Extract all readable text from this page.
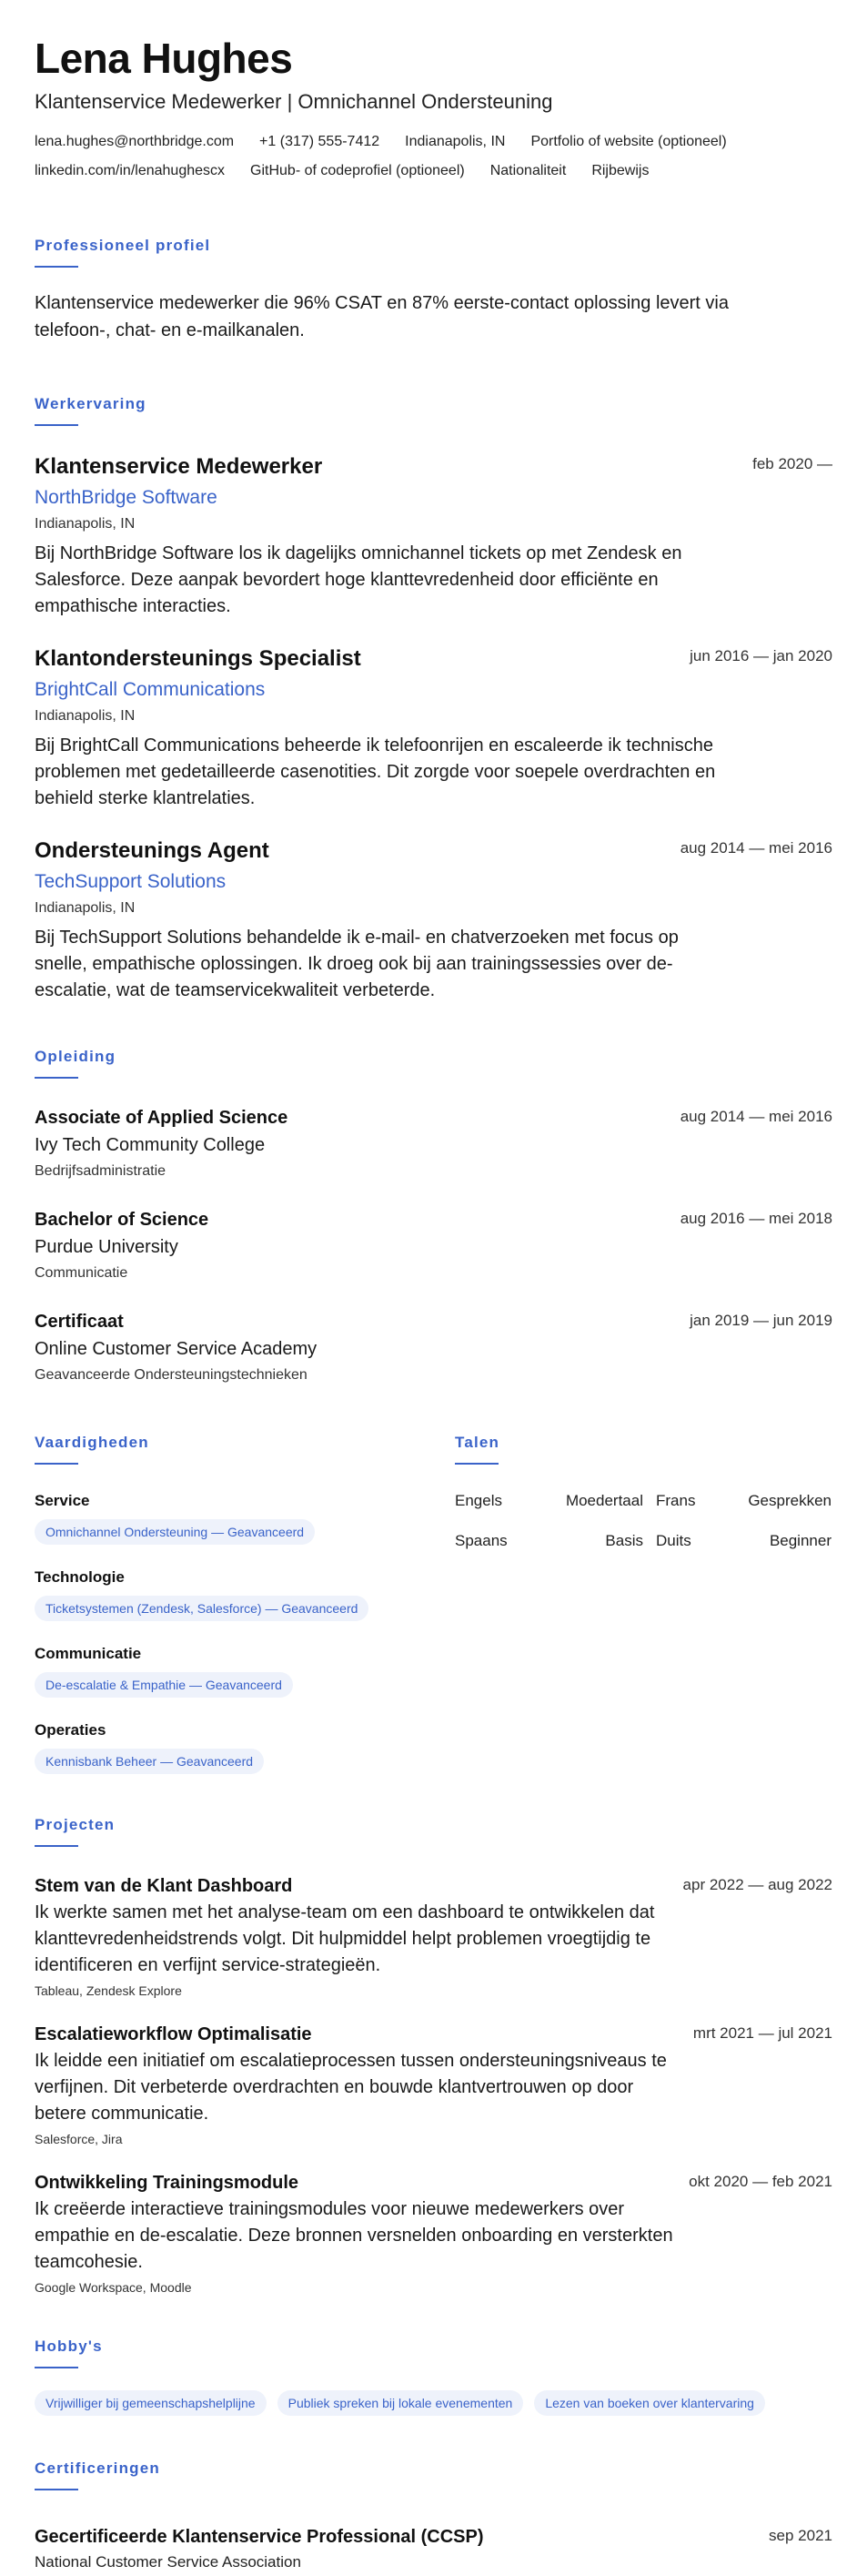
Lena Hughes
Klantenservice Medewerker | Omnichannel Ondersteuning
lena.hughes@northbridge.com +1 (317) 555-7412 Indianapolis, IN Portfolio of website (optioneel)
linkedin.com/in/lenahughescx GitHub- of codeprofiel (optioneel) Nationaliteit Rijbewijs
Professioneel profiel

Klantenservice medewerker die 96% CSAT en 87% eerste-contact oplossing levert via telefoon-, chat- en e-mailkanalen.

Werkervaring
Klantenservice Medewerker	feb 2020 —
NorthBridge Software
Indianapolis, IN

Bij NorthBridge Software los ik dagelijks omnichannel tickets op met Zendesk en Salesforce. Deze aanpak bevordert hoge klanttevredenheid door efficiënte en empathische interacties.

Klantondersteunings Specialist	jun 2016 — jan 2020
BrightCall Communications
Indianapolis, IN

Bij BrightCall Communications beheerde ik telefoonrijen en escaleerde ik technische problemen met gedetailleerde casenotities. Dit zorgde voor soepele overdrachten en behield sterke klantrelaties.

Ondersteunings Agent	aug 2014 — mei 2016
TechSupport Solutions
Indianapolis, IN

Bij TechSupport Solutions behandelde ik e-mail- en chatverzoeken met focus op snelle, empathische oplossingen. Ik droeg ook bij aan trainingssessies over de-escalatie, wat de teamservicekwaliteit verbeterde.

Opleiding
Associate of Applied Science	aug 2014 — mei 2016
Ivy Tech Community College
Bedrijfsadministratie
Bachelor of Science	aug 2016 — mei 2018
Purdue University
Communicatie
Certificaat	jan 2019 — jun 2019
Online Customer Service Academy
Geavanceerde Ondersteuningstechnieken
Vaardigheden
Service
Omnichannel Ondersteuning — Geavanceerd
Technologie
Ticketsystemen (Zendesk, Salesforce) — Geavanceerd
Communicatie
De-escalatie & Empathie — Geavanceerd
Operaties
Kennisbank Beheer — Geavanceerd
Talen
Engels	Moedertaal Frans	Gesprekken
Spaans	Basis Duits	Beginner
Projecten
Stem van de Klant Dashboard	apr 2022 — aug 2022

Ik werkte samen met het analyse-team om een dashboard te ontwikkelen dat klanttevredenheidstrends volgt. Dit hulpmiddel helpt problemen vroegtijdig te identificeren en verfijnt service-strategieën.

Tableau, Zendesk Explore
Escalatieworkflow Optimalisatie	mrt 2021 — jul 2021

Ik leidde een initiatief om escalatieprocessen tussen ondersteuningsniveaus te verfijnen. Dit verbeterde overdrachten en bouwde klantvertrouwen op door betere communicatie.

Salesforce, Jira
Ontwikkeling Trainingsmodule	okt 2020 — feb 2021

Ik creëerde interactieve trainingsmodules voor nieuwe medewerkers over empathie en de-escalatie. Deze bronnen versnelden onboarding en versterkten teamcohesie.

Google Workspace, Moodle
Hobby's
Vrijwilliger bij gemeenschapshelplijne	Publiek spreken bij lokale evenementen	Lezen van boeken over klantervaring
Certificeringen
Gecertificeerde Klantenservice Professional (CCSP)	sep 2021
National Customer Service Association
